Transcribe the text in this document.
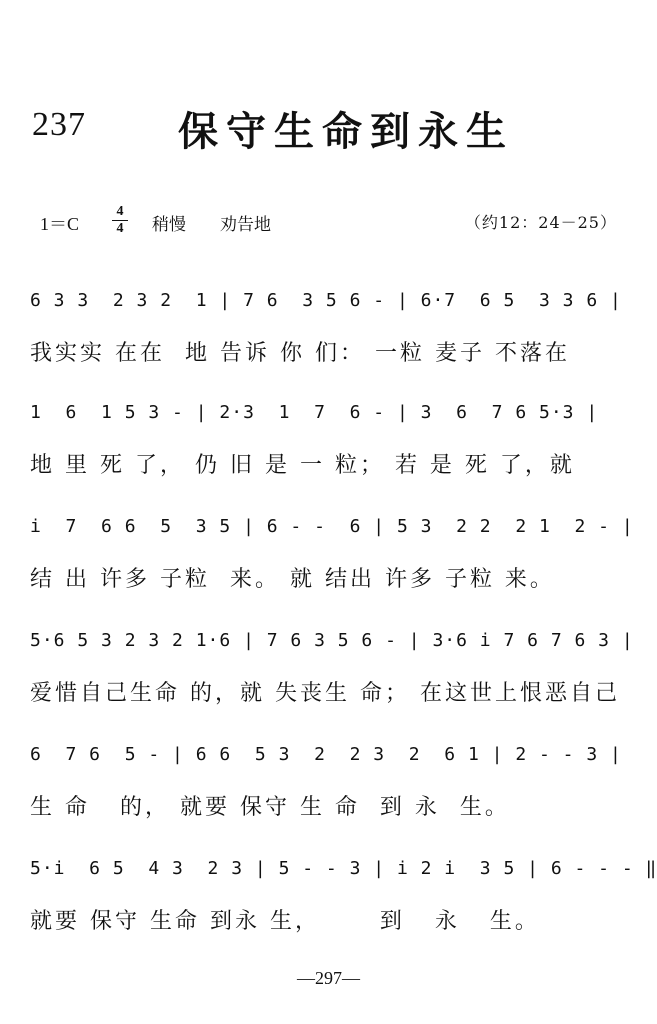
237 保守生命到永生
1＝C
4
4 稍慢 劝告地	（约12：24－25）
6 3 3  2 3 2  1 | 7 6  3 5 6 - | 6·7  6 5  3 3 6 |
我实实 在在  地 告诉 你 们： 一粒 麦子 不落在
1  6  1 5 3 - | 2·3  1  7  6 - | 3  6  7 6 5·3 |
地 里 死 了， 仍 旧 是 一 粒； 若 是 死 了，就
i  7  6 6  5  3 5 | 6 - -  6 | 5 3  2 2  2 1  2 - |
结 出 许多 子粒  来。 就 结出 许多 子粒 来。
5·6 5 3 2 3 2 1·6 | 7 6 3 5 6 - | 3·6 i 7 6 7 6 3 |
爱惜自己生命 的，就 失丧生 命； 在这世上恨恶自己
6  7 6  5 - | 6 6  5 3  2  2 3  2  6 1 | 2 - - 3 |
生 命   的， 就要 保守 生 命  到 永  生。
5·i  6 5  4 3  2 3 | 5 - - 3 | i 2 i  3 5 | 6 - - - ‖
就要 保守 生命 到永 生，      到   永   生。
—297—
